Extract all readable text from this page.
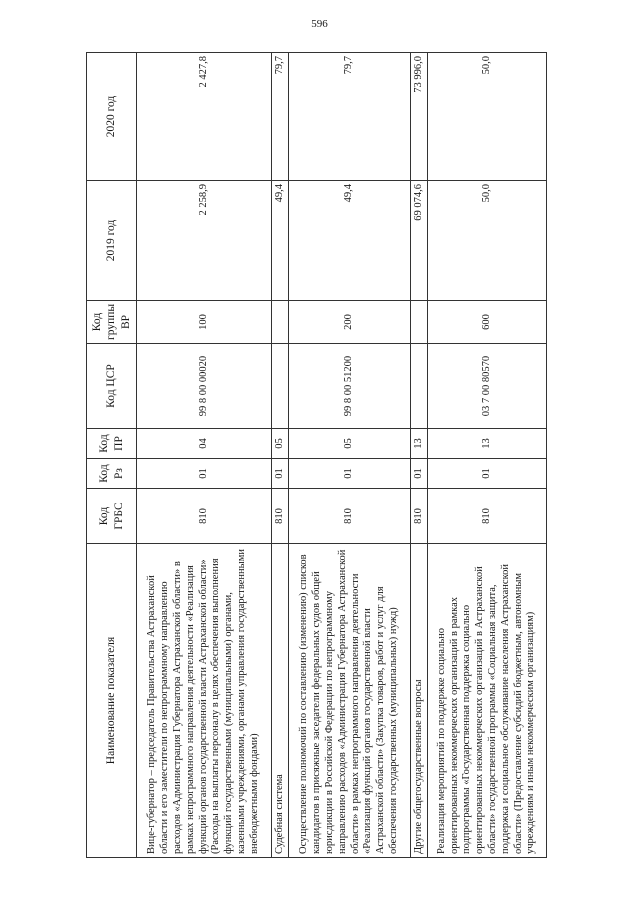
596
Наименование показателя	Код ГРБС	Код Рз	Код ПР	Код ЦСР	Код группы ВР	2019 год	2020 год
Вице-губернатор – председатель Правительства Астраханской области и его заместители по непрограммному направлению расходов «Администрация Губернатора Астраханской области» в рамках непрограммного направления деятельности «Реализация функций органов государственной власти Астраханской области» (Расходы на выплаты персоналу в целях обеспечения выполнения функций государственными (муниципальными) органами, казенными учреждениями, органами управления государственными внебюджетными фондами)	810	01	04	99 8 00 00020	100	2 258,9	2 427,8
Судебная система	810	01	05			49,4	79,7
Осуществление полномочий по составлению (изменению) списков кандидатов в присяжные заседатели федеральных судов общей юрисдикции в Российской Федерации по непрограммному направлению расходов «Администрация Губернатора Астраханской области» в рамках непрограммного направления деятельности «Реализация функций органов государственной власти Астраханской области» (Закупка товаров, работ и услуг для обеспечения государственных (муниципальных) нужд)	810	01	05	99 8 00 51200	200	49,4	79,7
Другие общегосударственные вопросы	810	01	13			69 074,6	73 996,0
Реализация мероприятий по поддержке социально ориентированных некоммерческих организаций в рамках подпрограммы «Государственная поддержка социально ориентированных некоммерческих организаций в Астраханской области» государственной программы «Социальная защита, поддержка и социальное обслуживание населения Астраханской области» (Предоставление субсидий бюджетным, автономным учреждениям и иным некоммерческим организациям)	810	01	13	03 7 00 80570	600	50,0	50,0
